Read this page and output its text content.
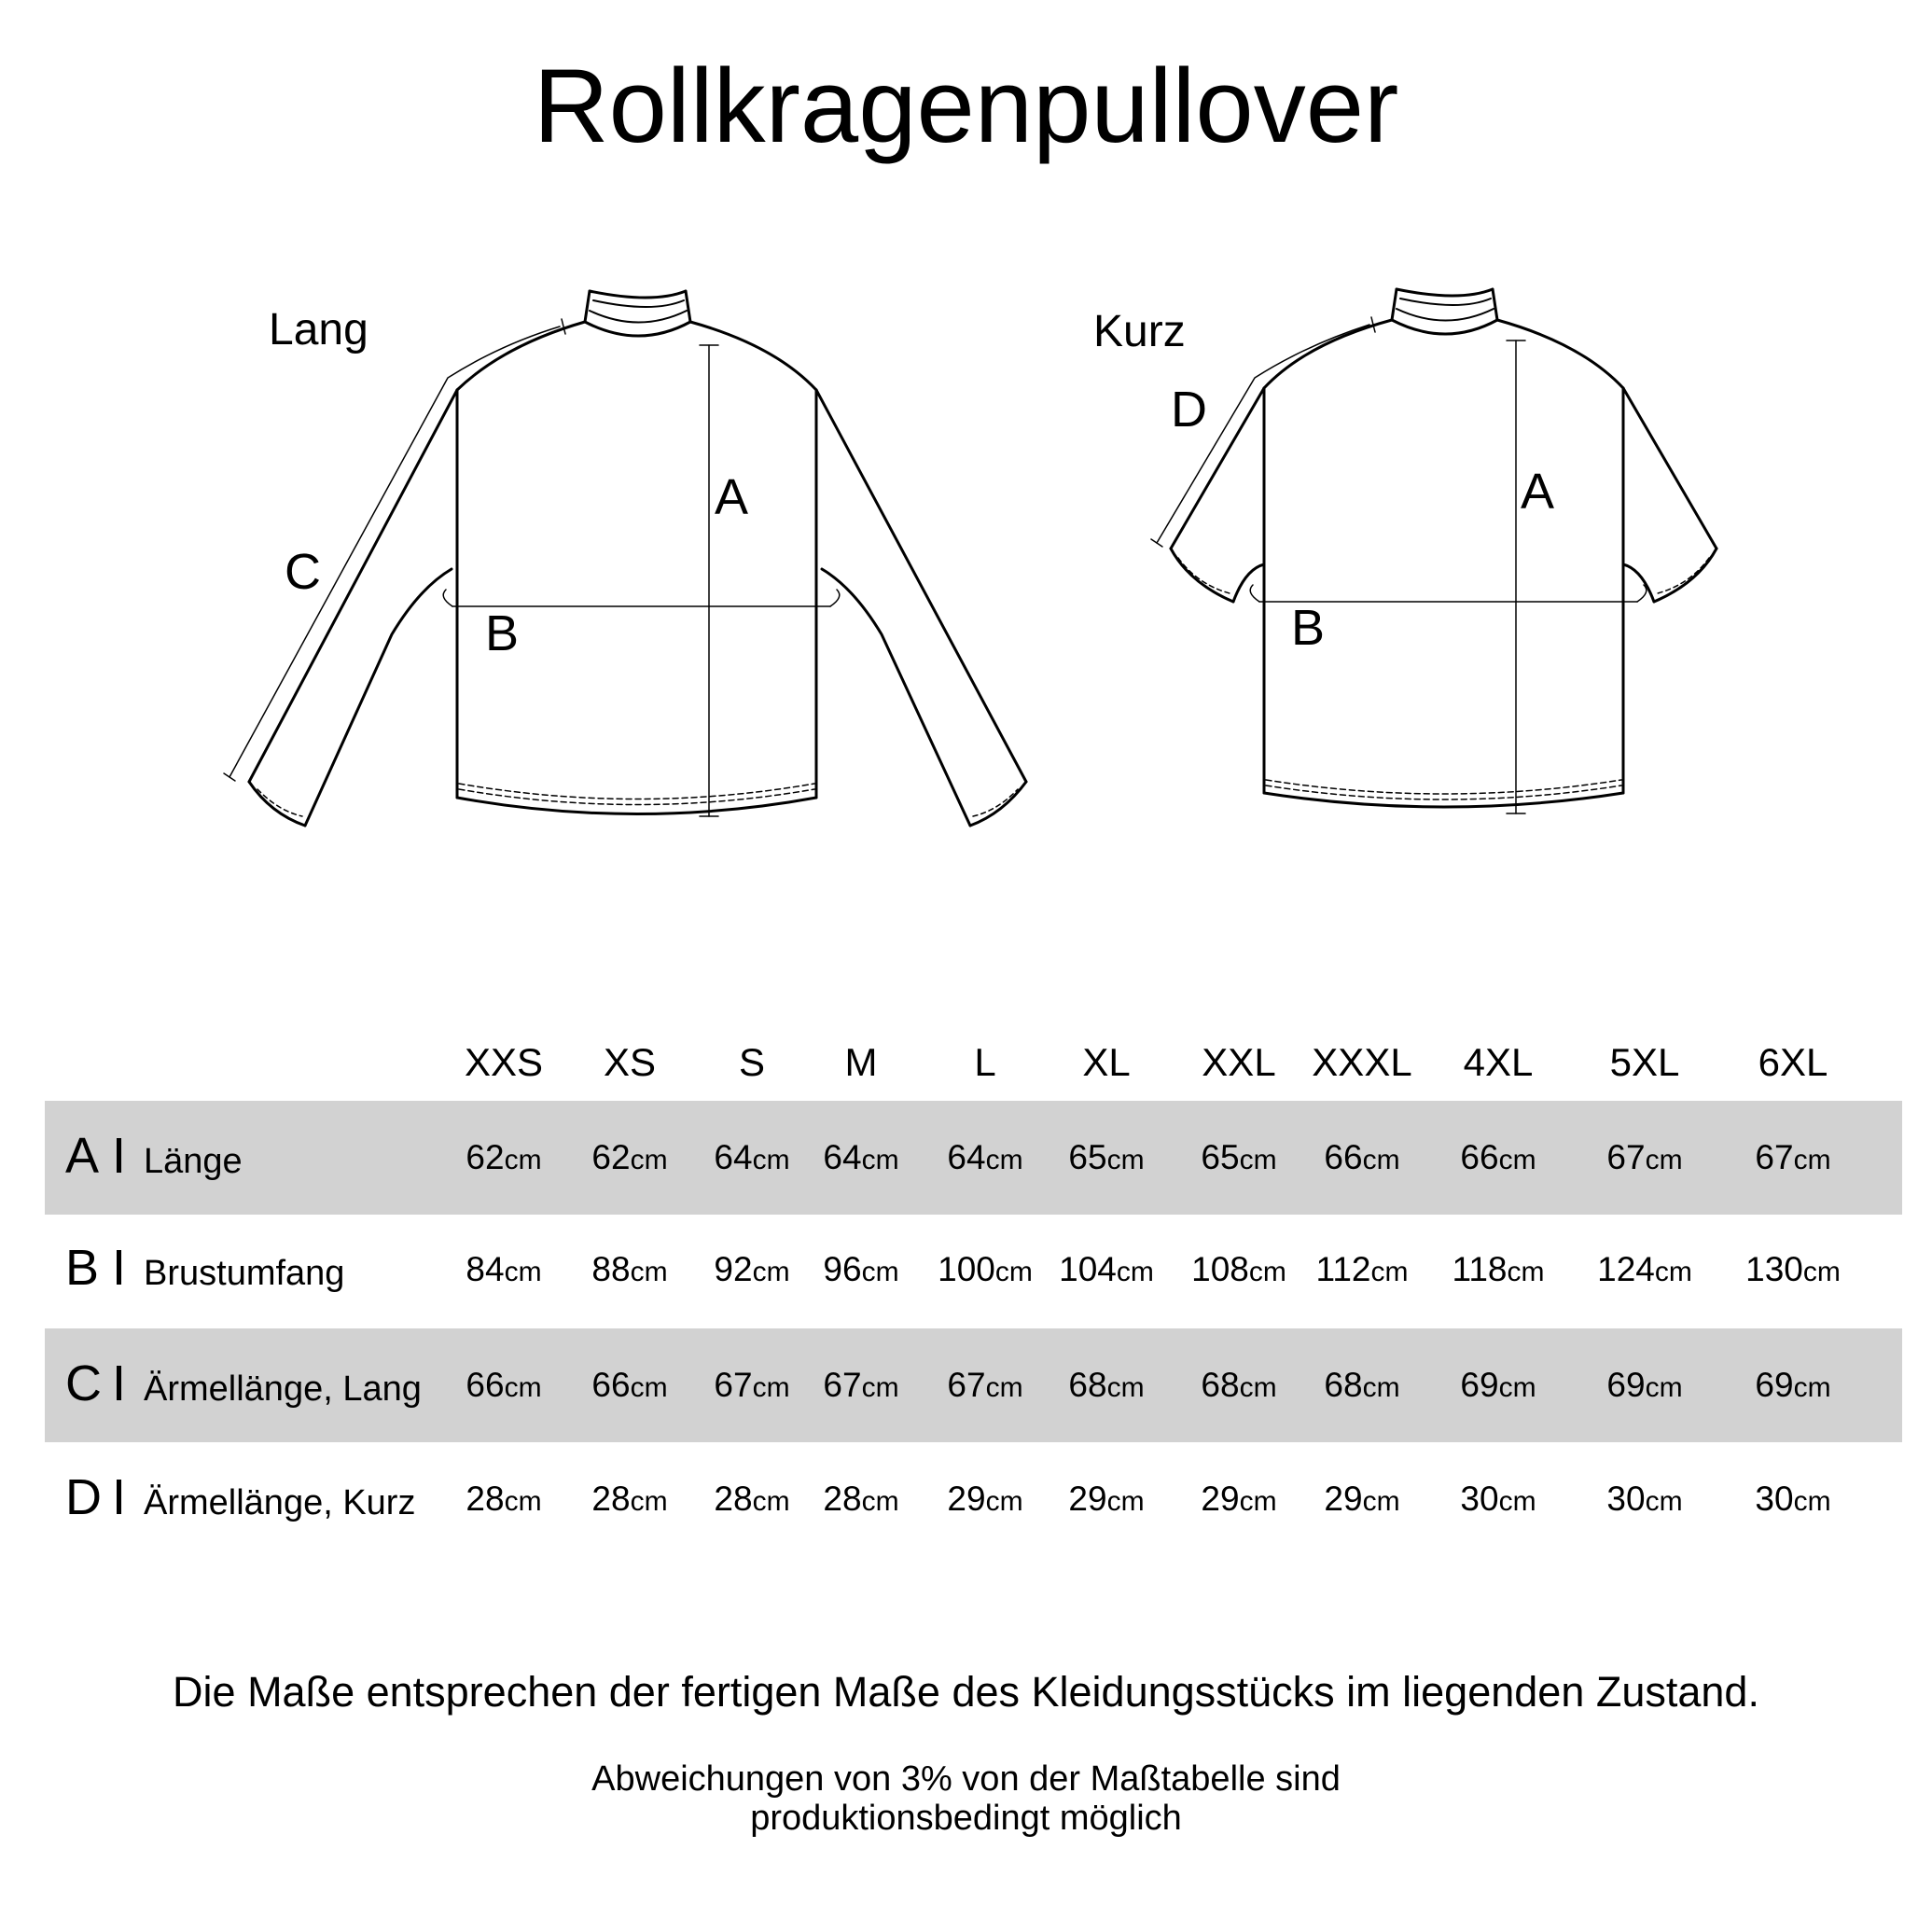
Rollkragenpullover
Lang
A
B
C
Kurz
A
B
D
XXS	XS	S	M	L	XL	XXL XXXL	4XL	5XL	6XL
A I Länge	62cm	62cm	64cm 64cm	64cm	65cm	65cm	66cm	66cm	67cm	67cm
B I Brustumfang	84cm	88cm	92cm 96cm	100cm 104cm	108cm 112cm	118cm	124cm	130cm
C I Ärmellänge, Lang	66cm	66cm	67cm 67cm	67cm	68cm	68cm	68cm	69cm	69cm	69cm
D I Ärmellänge, Kurz	28cm	28cm	28cm 28cm	29cm	29cm	29cm	29cm	30cm	30cm	30cm
Die Maße entsprechen der fertigen Maße des Kleidungsstücks im liegenden Zustand.
Abweichungen von 3% von der Maßtabelle sind
produktionsbedingt möglich
